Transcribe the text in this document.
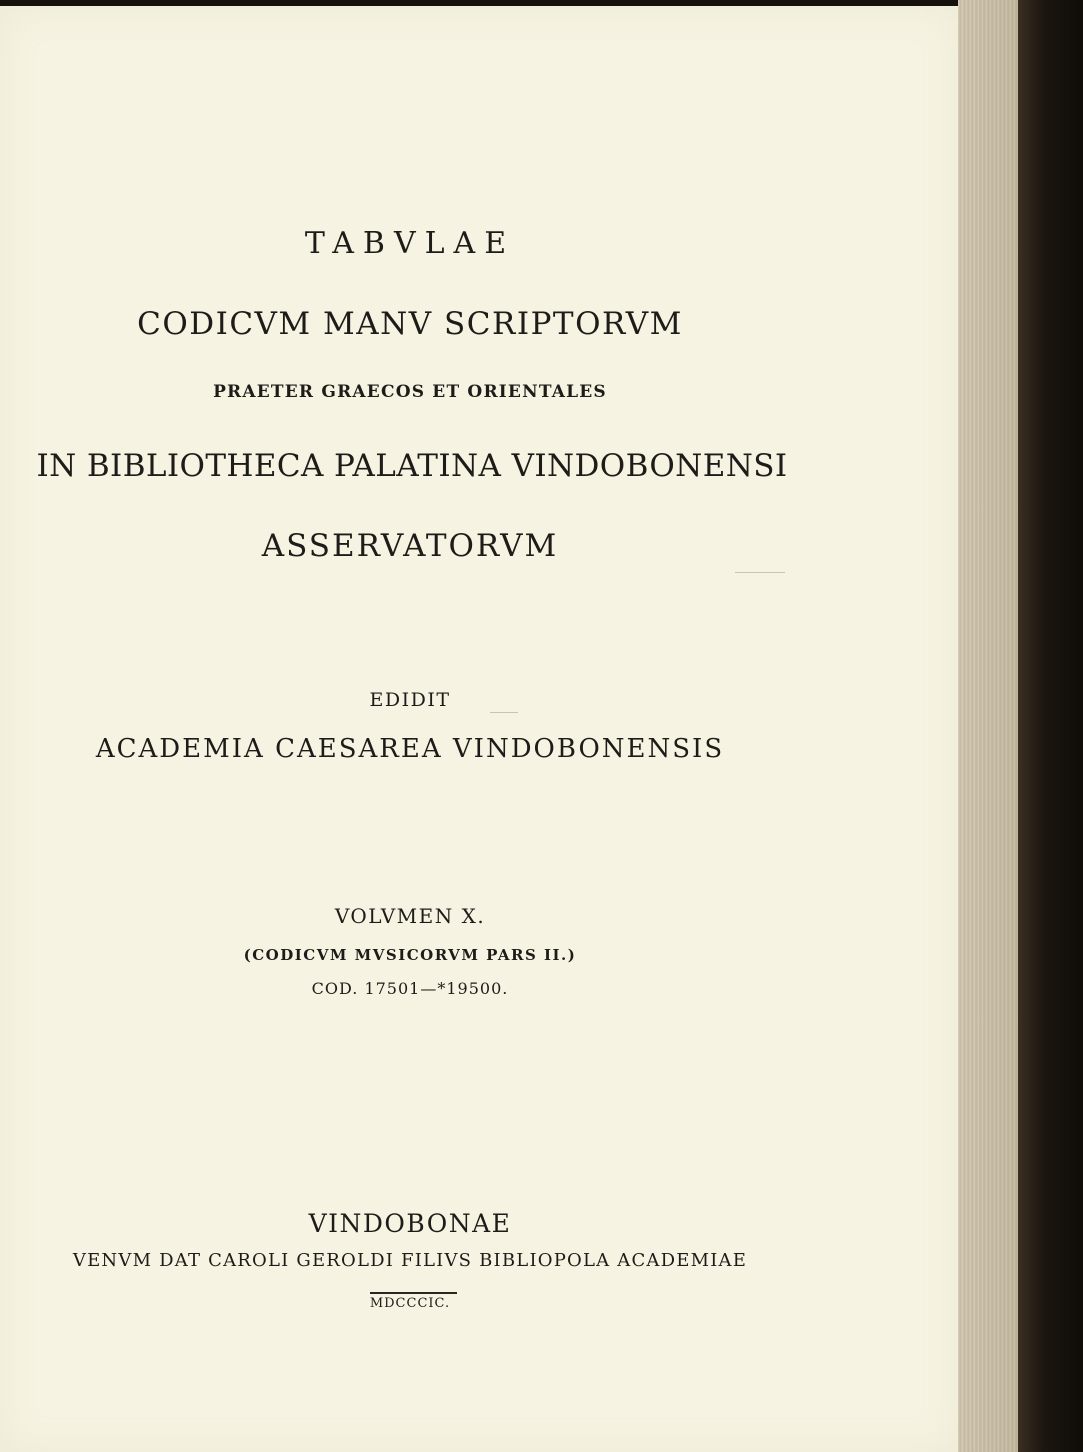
TABVLAE
CODICVM MANV SCRIPTORVM
PRAETER GRAECOS ET ORIENTALES
IN BIBLIOTHECA PALATINA VINDOBONENSI
ASSERVATORVM
EDIDIT
ACADEMIA CAESAREA VINDOBONENSIS
VOLVMEN X.
(CODICVM MVSICORVM PARS II.)
COD. 17501—*19500.
VINDOBONAE
VENVM DAT CAROLI GEROLDI FILIVS BIBLIOPOLA ACADEMIAE
MDCCCIC.
